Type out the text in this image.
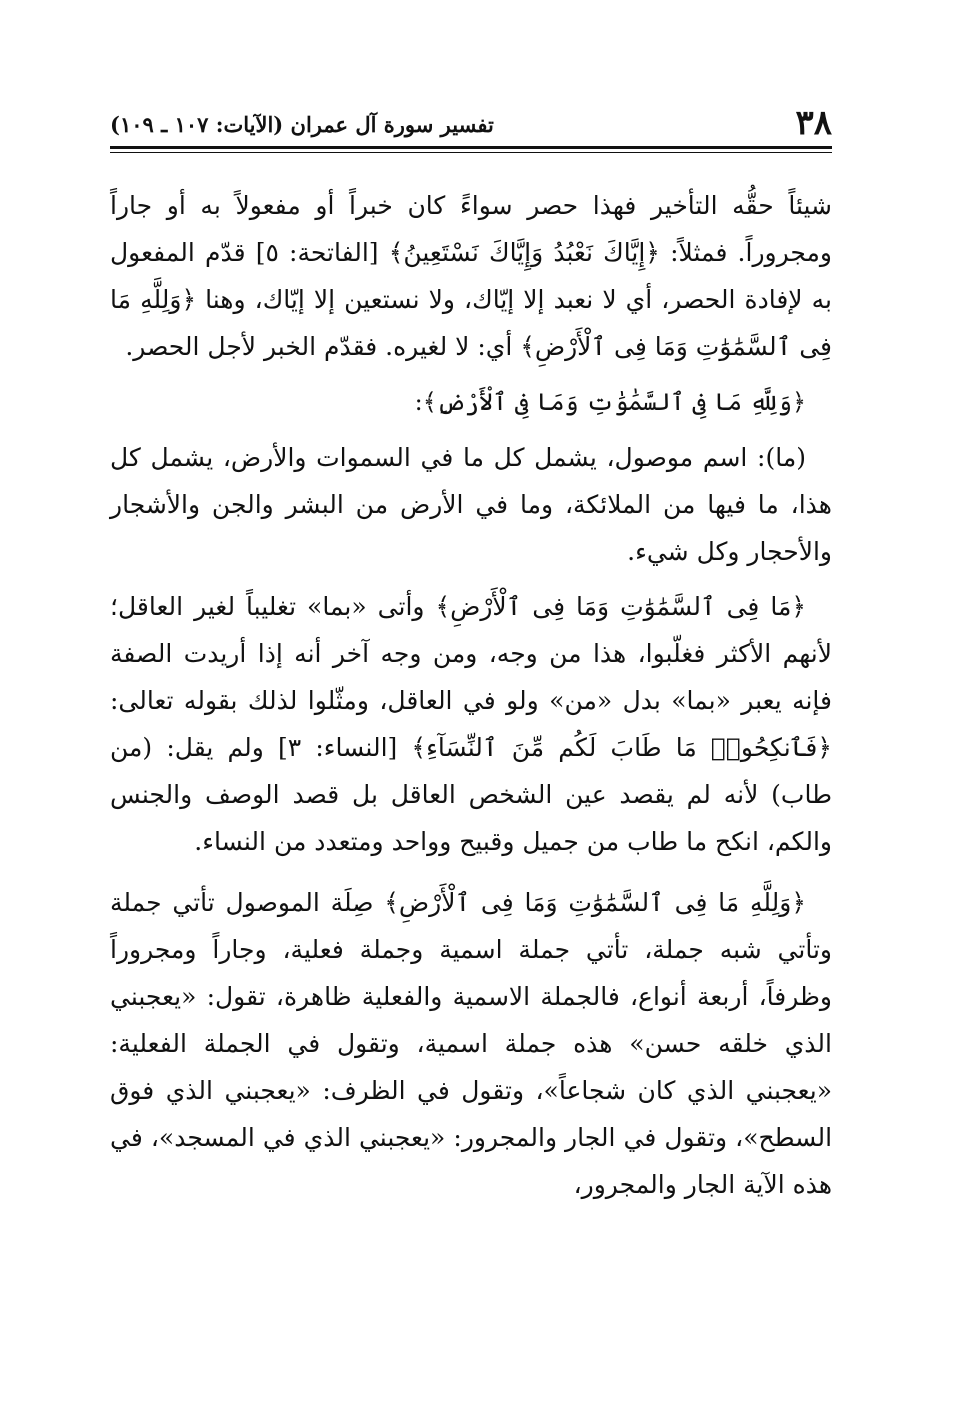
٣٨
تفسير سورة آل عمران (الآيات: ١٠٧ ـ ١٠٩)

شيئاً حقُّه التأخير فهذا حصر سواءً كان خبراً أو مفعولاً به أو جاراً ومجروراً. فمثلاً: ﴿إِيَّاكَ نَعْبُدُ وَإِيَّاكَ نَسْتَعِينُ﴾ [الفاتحة: ٥] قدّم المفعول به لإفادة الحصر، أي لا نعبد إلا إيّاك، ولا نستعين إلا إيّاك، وهنا ﴿وَلِلَّهِ مَا فِى ٱلسَّمَٰوَٰتِ وَمَا فِى ٱلْأَرْضِ﴾ أي: لا لغيره. فقدّم الخبر لأجل الحصر.

﴿وَلِلَّهِ مَا فِى ٱلسَّمَٰوَٰتِ وَمَا فِى ٱلْأَرْضِ﴾:

(ما): اسم موصول، يشمل كل ما في السموات والأرض، يشمل كل هذا، ما فيها من الملائكة، وما في الأرض من البشر والجن والأشجار والأحجار وكل شيء.

﴿مَا فِى ٱلسَّمَٰوَٰتِ وَمَا فِى ٱلْأَرْضِ﴾ وأتى «بما» تغليباً لغير العاقل؛ لأنهم الأكثر فغلّبوا، هذا من وجه، ومن وجه آخر أنه إذا أريدت الصفة فإنه يعبر «بما» بدل «من» ولو في العاقل، ومثّلوا لذلك بقوله تعالى: ﴿فَٱنكِحُوا۟ مَا طَابَ لَكُم مِّنَ ٱلنِّسَآءِ﴾ [النساء: ٣] ولم يقل: (من طاب) لأنه لم يقصد عين الشخص العاقل بل قصد الوصف والجنس والكم، انكح ما طاب من جميل وقبيح وواحد ومتعدد من النساء.

﴿وَلِلَّهِ مَا فِى ٱلسَّمَٰوَٰتِ وَمَا فِى ٱلْأَرْضِ﴾ صِلَة الموصول تأتي جملة وتأتي شبه جملة، تأتي جملة اسمية وجملة فعلية، وجاراً ومجروراً وظرفاً، أربعة أنواع، فالجملة الاسمية والفعلية ظاهرة، تقول: «يعجبني الذي خلقه حسن» هذه جملة اسمية، وتقول في الجملة الفعلية: «يعجبني الذي كان شجاعاً»، وتقول في الظرف: «يعجبني الذي فوق السطح»، وتقول في الجار والمجرور: «يعجبني الذي في المسجد»، في هذه الآية الجار والمجرور،
